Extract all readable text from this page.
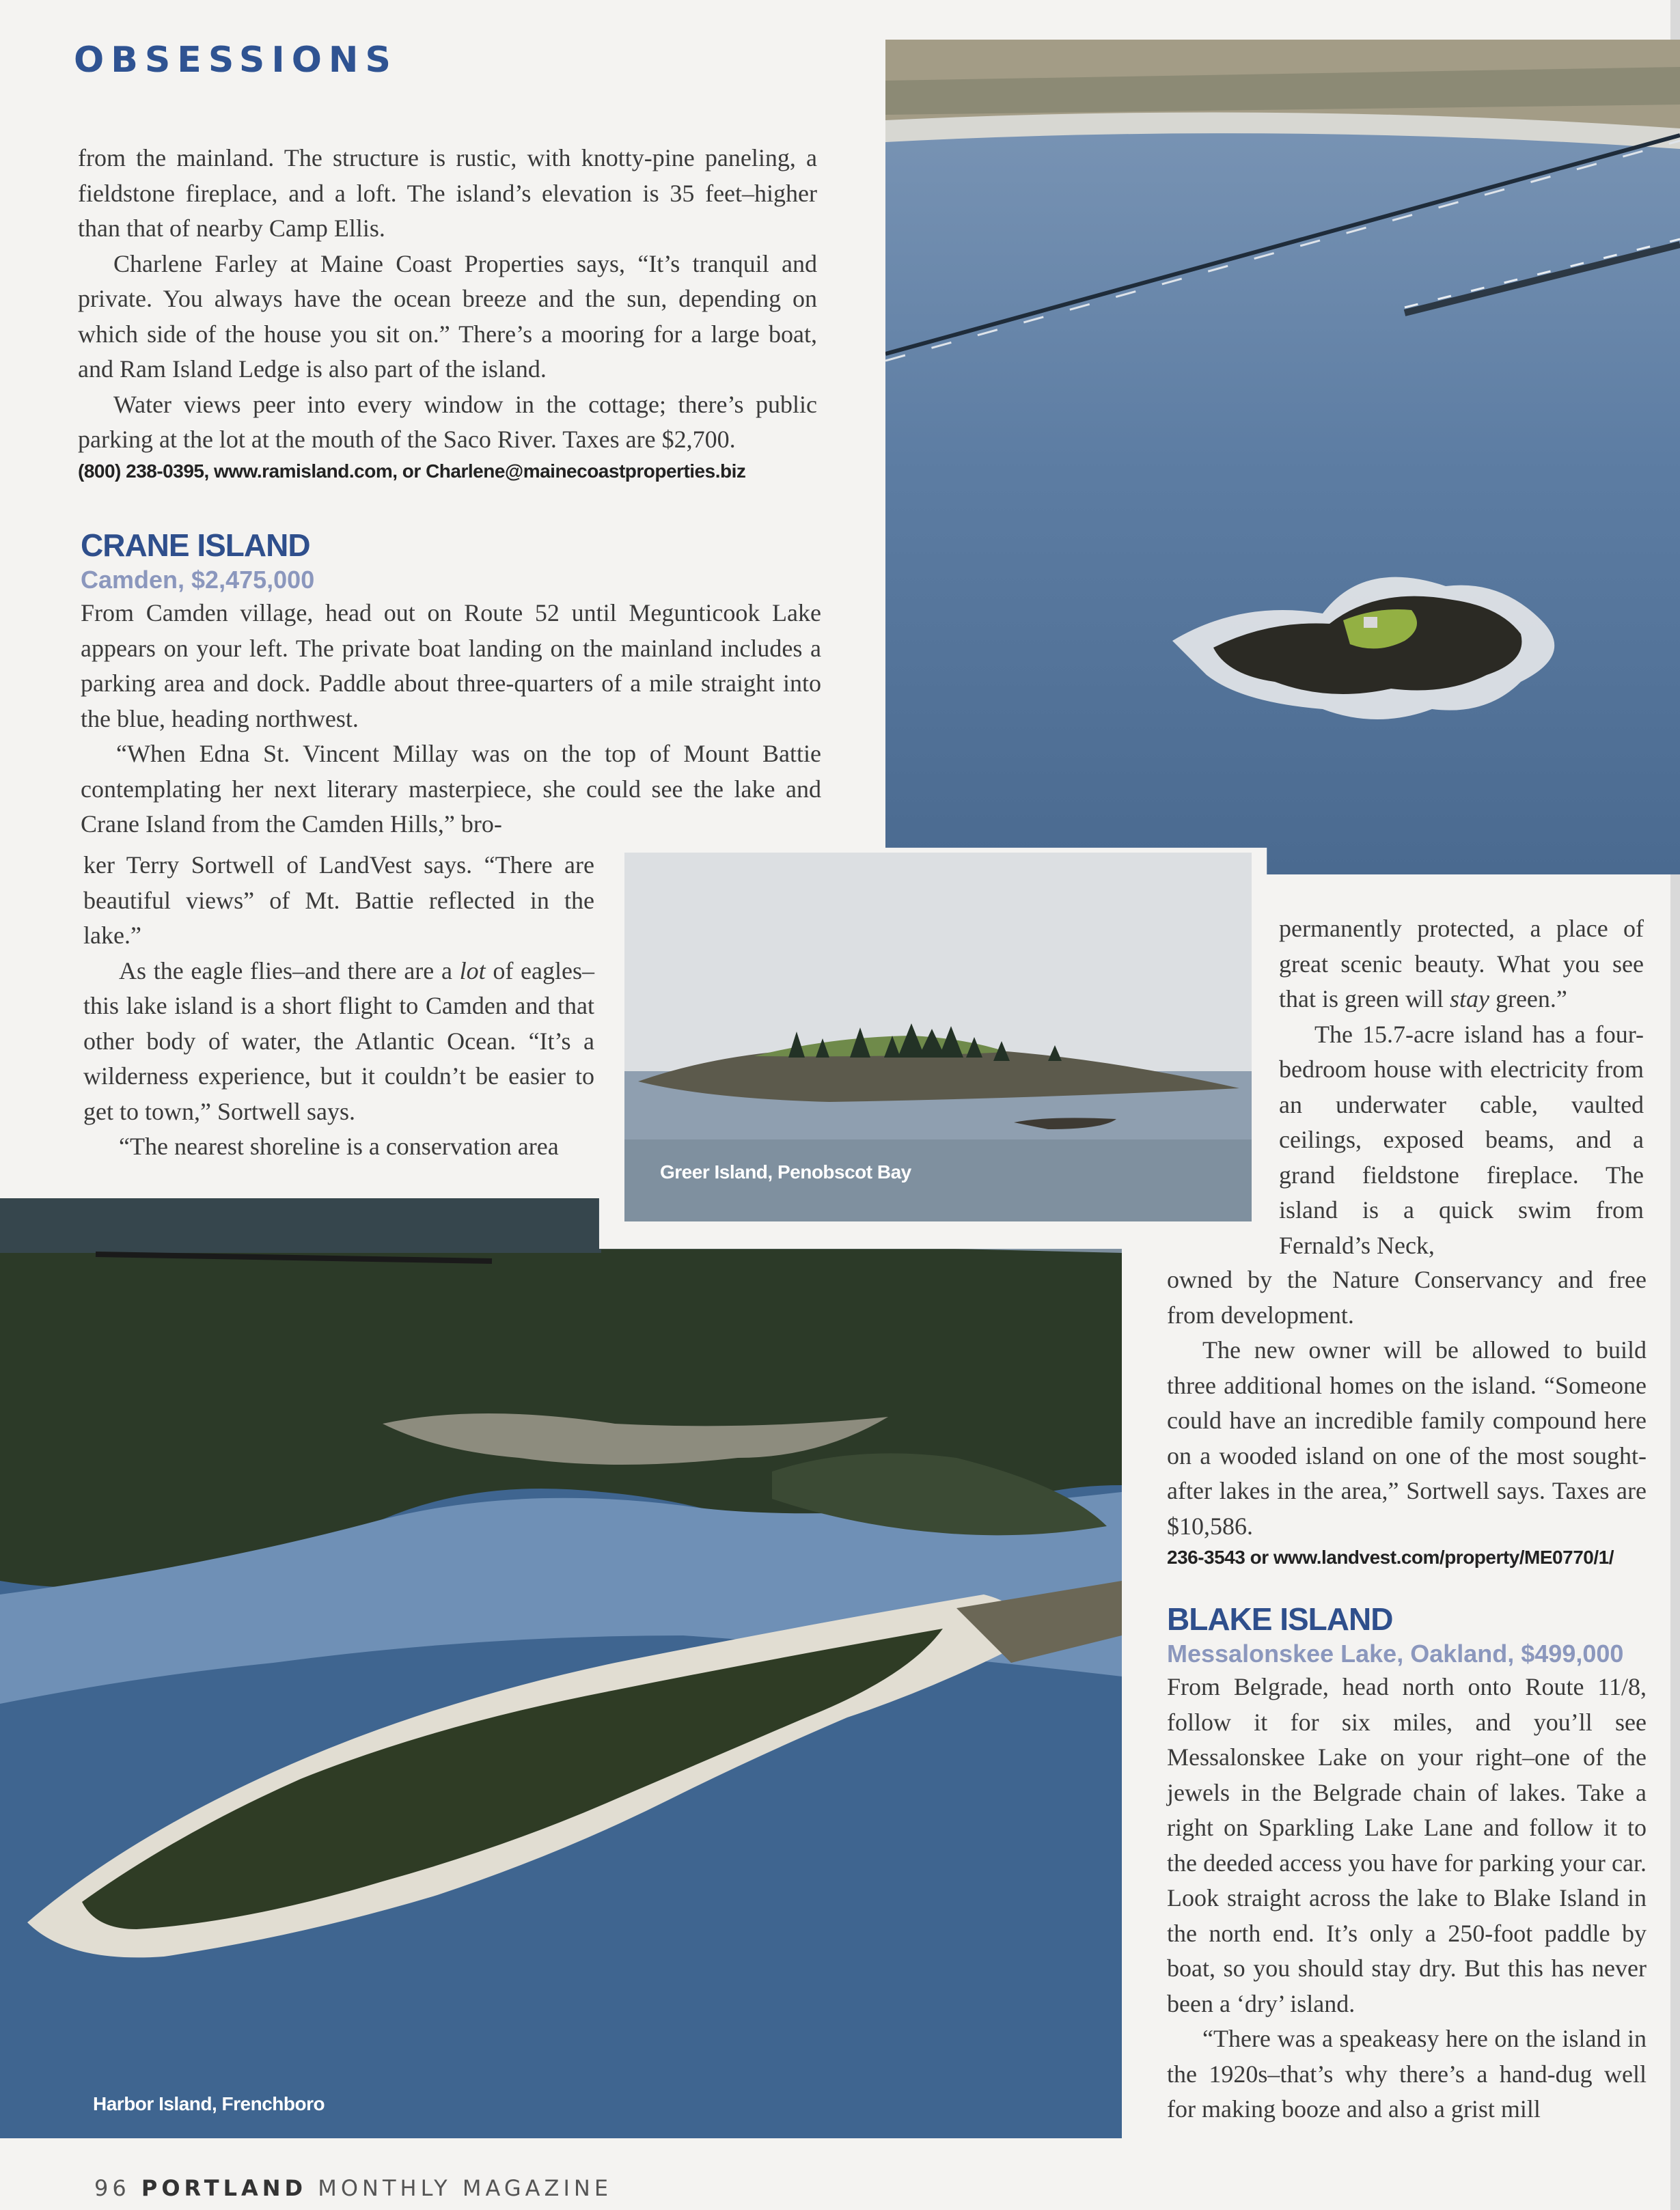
OBSESSIONS

from the mainland. The structure is rustic, with knotty-pine paneling, a fieldstone fireplace, and a loft. The island’s elevation is 35 feet–higher than that of nearby Camp Ellis.

Charlene Farley at Maine Coast Properties says, “It’s tranquil and private. You always have the ocean breeze and the sun, depending on which side of the house you sit on.” There’s a mooring for a large boat, and Ram Island Ledge is also part of the island.

Water views peer into every window in the cottage; there’s public parking at the lot at the mouth of the Saco River. Taxes are $2,700.

(800) 238-0395, www.ramisland.com, or Charlene@mainecoastproperties.biz

CRANE ISLAND
Camden, $2,475,000

From Camden village, head out on Route 52 until Megunticook Lake appears on your left. The private boat landing on the mainland includes a parking area and dock. Paddle about three-quarters of a mile straight into the blue, heading northwest.

“When Edna St. Vincent Millay was on the top of Mount Battie contemplating her next literary masterpiece, she could see the lake and Crane Island from the Camden Hills,” bro-

ker Terry Sortwell of LandVest says. “There are beautiful views” of Mt. Battie reflected in the lake.”

As the eagle flies–and there are a lot of eagles–this lake island is a short flight to Camden and that other body of water, the Atlantic Ocean. “It’s a wilderness experience, but it couldn’t be easier to get to town,” Sortwell says.

“The nearest shoreline is a conservation area

permanently protected, a place of great scenic beauty. What you see that is green will stay green.”

The 15.7-acre island has a four-bedroom house with electricity from an underwater cable, vaulted ceilings, exposed beams, and a grand fieldstone fireplace. The island is a quick swim from Fernald’s Neck,

owned by the Nature Conservancy and free from development.

The new owner will be allowed to build three additional homes on the island. “Someone could have an incredible family compound here on a wooded island on one of the most sought-after lakes in the area,” Sortwell says. Taxes are $10,586.

236-3543 or www.landvest.com/property/ME0770/1/

BLAKE ISLAND
Messalonskee Lake, Oakland, $499,000

From Belgrade, head north onto Route 11/8, follow it for six miles, and you’ll see Messalonskee Lake on your right–one of the jewels in the Belgrade chain of lakes. Take a right on Sparkling Lake Lane and follow it to the deeded access you have for parking your car. Look straight across the lake to Blake Island in the north end. It’s only a 250-foot paddle by boat, so you should stay dry. But this has never been a ‘dry’ island.

“There was a speakeasy here on the island in the 1920s–that’s why there’s a hand-dug well for making booze and also a grist mill

Greer Island, Penobscot Bay
Harbor Island, Frenchboro
96 PORTLAND MONTHLY MAGAZINE
